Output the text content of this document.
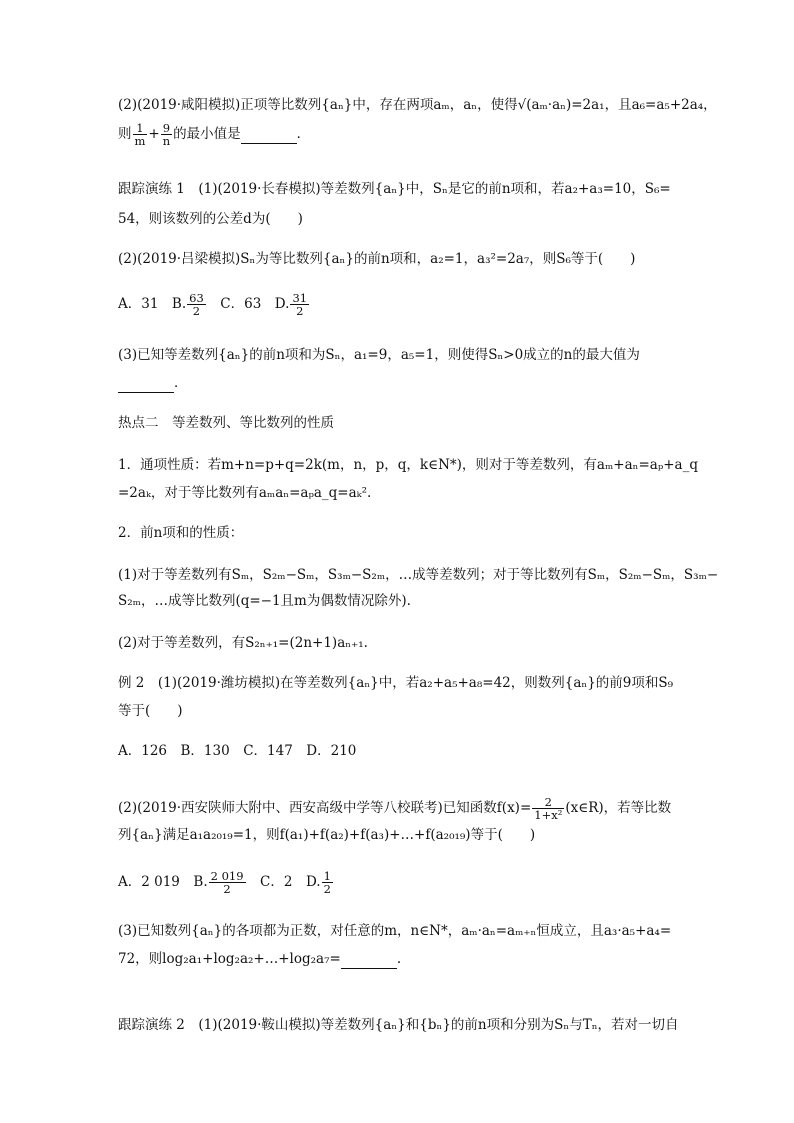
(2)(2019·咸阳模拟)正项等比数列{aₙ}中，存在两项aₘ，aₙ，使得√(aₘ·aₙ)=2a₁，且a₆=a₅+2a₄，
则 $\frac{1}{m} + \frac{9}{n}$ 的最小值是	．
跟踪演练 1　(1)(2019·长春模拟)等差数列{aₙ}中，Sₙ是它的前n项和，若a₂+a₃=10，S₆=
54，则该数列的公差d为(　　)
(2)(2019·吕梁模拟)Sₙ为等比数列{aₙ}的前n项和，a₂=1，a₃²=2a₇，则S₆等于(　　)
A．31　B. $\frac{63}{2}$ 　C．63　D. $\frac{31}{2}$
(3)已知等差数列{aₙ}的前n项和为Sₙ，a₁=9，a₅=1，则使得Sₙ>0成立的n的最大值为
．
热点二　等差数列、等比数列的性质
1．通项性质：若m+n=p+q=2k(m，n，p，q，k∈N*)，则对于等差数列，有aₘ+aₙ=aₚ+a_q
=2aₖ，对于等比数列有aₘaₙ=aₚa_q=aₖ².
2．前n项和的性质：
(1)对于等差数列有Sₘ，S₂ₘ−Sₘ，S₃ₘ−S₂ₘ，…成等差数列；对于等比数列有Sₘ，S₂ₘ−Sₘ，S₃ₘ−
S₂ₘ，…成等比数列(q=−1且m为偶数情况除外).
(2)对于等差数列，有S₂ₙ₊₁=(2n+1)aₙ₊₁.
例 2　(1)(2019·潍坊模拟)在等差数列{aₙ}中，若a₂+a₅+a₈=42，则数列{aₙ}的前9项和S₉
等于(　　)
A．126　B．130　C．147　D．210
(2)(2019·西安陕师大附中、西安高级中学等八校联考)已知函数$f(x)= \frac{2}{\text{1+x²}}$ (x∈R)，若等比数
列{aₙ}满足a₁a₂₀₁₉=1，则f(a₁)+f(a₂)+f(a₃)+…+f(a₂₀₁₉)等于(　　)
A．2 019　B. $\frac{2 019}{2}$ 　C．2　D. $\frac{1}{2}$
(3)已知数列{aₙ}的各项都为正数，对任意的m，n∈N*，aₘ·aₙ=aₘ₊ₙ恒成立，且a₃·a₅+a₄=
72，则log₂a₁+log₂a₂+…+log₂a₇=	.
跟踪演练 2　(1)(2019·鞍山模拟)等差数列{aₙ}和{bₙ}的前n项和分别为Sₙ与Tₙ，若对一切自
